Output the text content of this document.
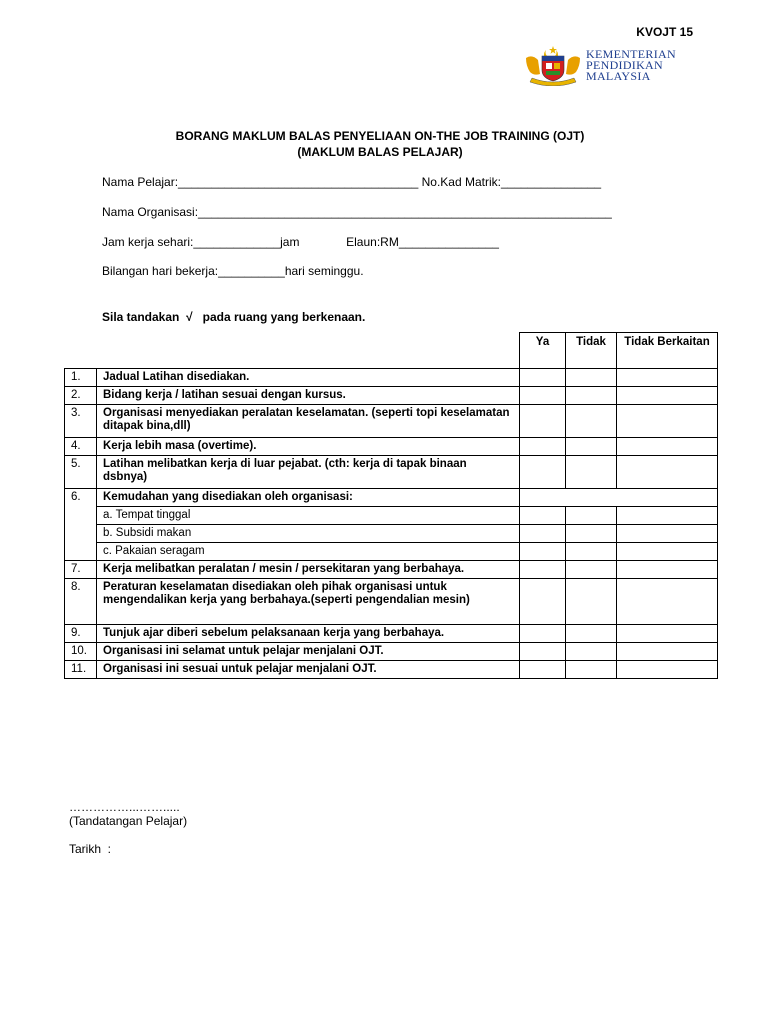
KVOJT 15
KEMENTERIAN
PENDIDIKAN
MALAYSIA
BORANG MAKLUM BALAS PENYELIAAN ON-THE JOB TRAINING (OJT)
(MAKLUM BALAS PELAJAR)
Nama Pelajar:____________________________________ No.Kad Matrik:_______________
Nama Organisasi:______________________________________________________________
Jam kerja sehari:_____________jam              Elaun:RM_______________
Bilangan hari bekerja:__________hari seminggu.
Sila tandakan  √   pada ruang yang berkenaan.
		Ya	Tidak	Tidak Berkaitan
1.	Jadual Latihan disediakan.			
2.	Bidang kerja / latihan sesuai dengan kursus.			
3.	Organisasi menyediakan peralatan keselamatan. (seperti topi keselamatan ditapak bina,dll)			
4.	Kerja lebih masa (overtime).			
5.	Latihan melibatkan kerja di luar pejabat. (cth: kerja di tapak binaan dsbnya)			
6.	Kemudahan yang disediakan oleh organisasi:			
	a. Tempat tinggal			
	b. Subsidi makan			
	c. Pakaian seragam			
7.	Kerja melibatkan peralatan / mesin / persekitaran yang berbahaya.			
8.	Peraturan keselamatan disediakan oleh pihak organisasi untuk mengendalikan kerja yang berbahaya.(seperti pengendalian mesin)			
9.	Tunjuk ajar diberi sebelum pelaksanaan kerja yang berbahaya.			
10.	Organisasi ini selamat untuk pelajar menjalani OJT.			
11.	Organisasi ini sesuai untuk pelajar menjalani OJT.			
……………...…….....
(Tandatangan Pelajar)
Tarikh  :
